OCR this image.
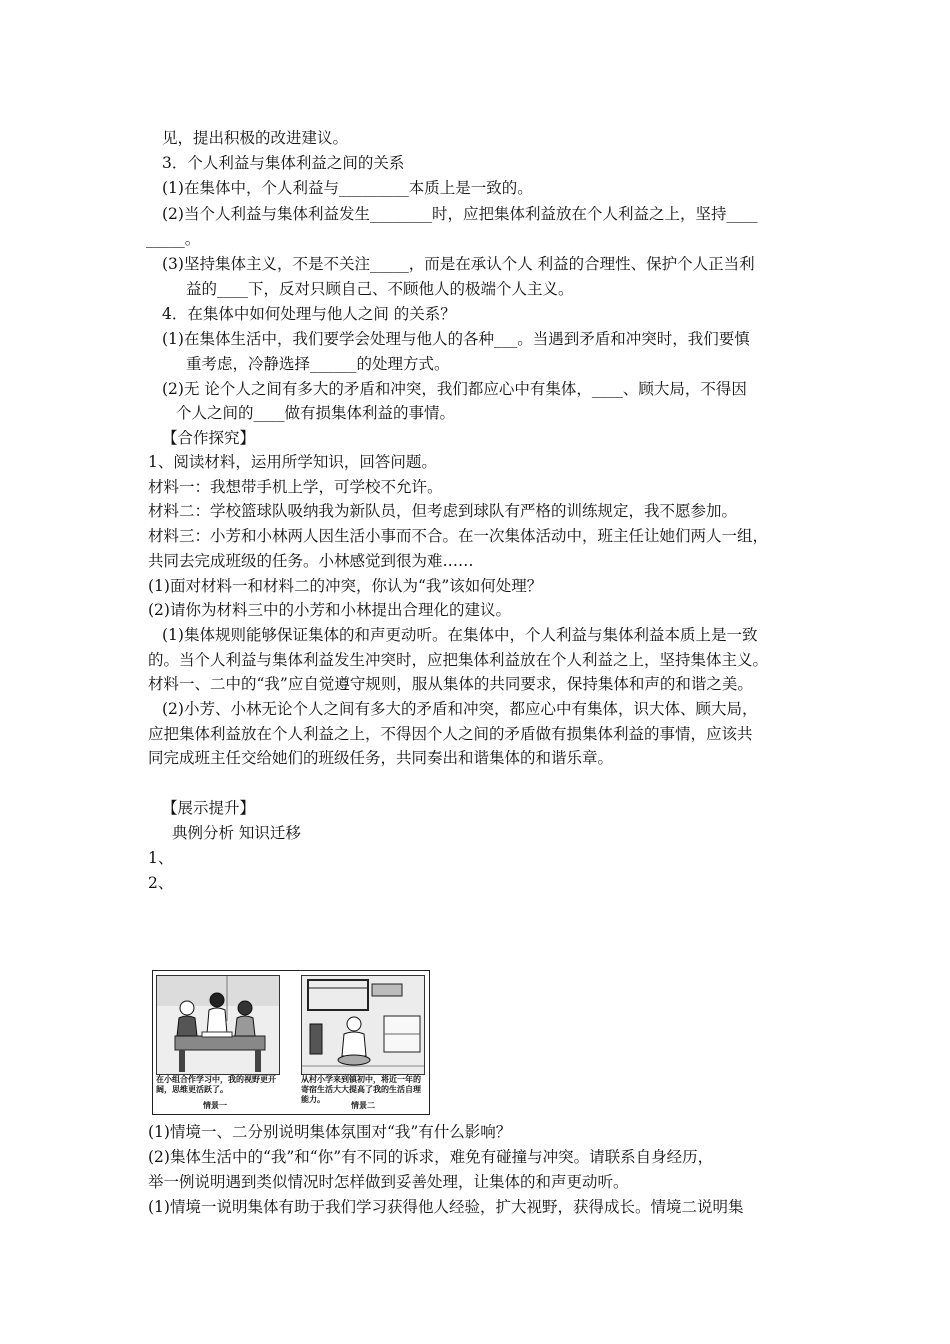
见，提出积极的改进建议。
3．个人利益与集体利益之间的关系
(1)在集体中，个人利益与_________本质上是一致的。
(2)当个人利益与集体利益发生________时，应把集体利益放在个人利益之上，坚持____
_____。
(3)坚持集体主义，不是不关注_____，而是在承认个人 利益的合理性、保护个人正当利
益的____下，反对只顾自己、不顾他人的极端个人主义。
4．在集体中如何处理与他人之间 的关系？
(1)在集体生活中，我们要学会处理与他人的各种___。当遇到矛盾和冲突时，我们要慎
重考虑，冷静选择______的处理方式。
(2)无 论个人之间有多大的矛盾和冲突，我们都应心中有集体，____、顾大局，不得因
个人之间的____做有损集体利益的事情。
【合作探究】
1、阅读材料，运用所学知识，回答问题。
材料一：我想带手机上学，可学校不允许。
材料二：学校篮球队吸纳我为新队员，但考虑到球队有严格的训练规定，我不愿参加。
材料三：小芳和小林两人因生活小事而不合。在一次集体活动中，班主任让她们两人一组，
共同去完成班级的任务。小林感觉到很为难……
(1)面对材料一和材料二的冲突，你认为“我”该如何处理？
(2)请你为材料三中的小芳和小林提出合理化的建议。
(1)集体规则能够保证集体的和声更动听。在集体中，个人利益与集体利益本质上是一致
的。当个人利益与集体利益发生冲突时，应把集体利益放在个人利益之上，坚持集体主义。
材料一、二中的“我”应自觉遵守规则，服从集体的共同要求，保持集体和声的和谐之美。
(2)小芳、小林无论个人之间有多大的矛盾和冲突，都应心中有集体，识大体、顾大局，
应把集体利益放在个人利益之上，不得因个人之间的矛盾做有损集体利益的事情，应该共
同完成班主任交给她们的班级任务，共同奏出和谐集体的和谐乐章。
【展示提升】
典例分析 知识迁移
1、
2、
(1)情境一、二分别说明集体氛围对“我”有什么影响？
(2)集体生活中的“我”和“你”有不同的诉求，难免有碰撞与冲突。请联系自身经历，
举一例说明遇到类似情况时怎样做到妥善处理，让集体的和声更动听。
(1)情境一说明集体有助于我们学习获得他人经验，扩大视野，获得成长。情境二说明集
在小组合作学习中，我的视野更开阔，思维更活跃了。
从村小学来到镇初中，将近一年的寄宿生活大大提高了我的生活自理能力。
情景一	情景二
